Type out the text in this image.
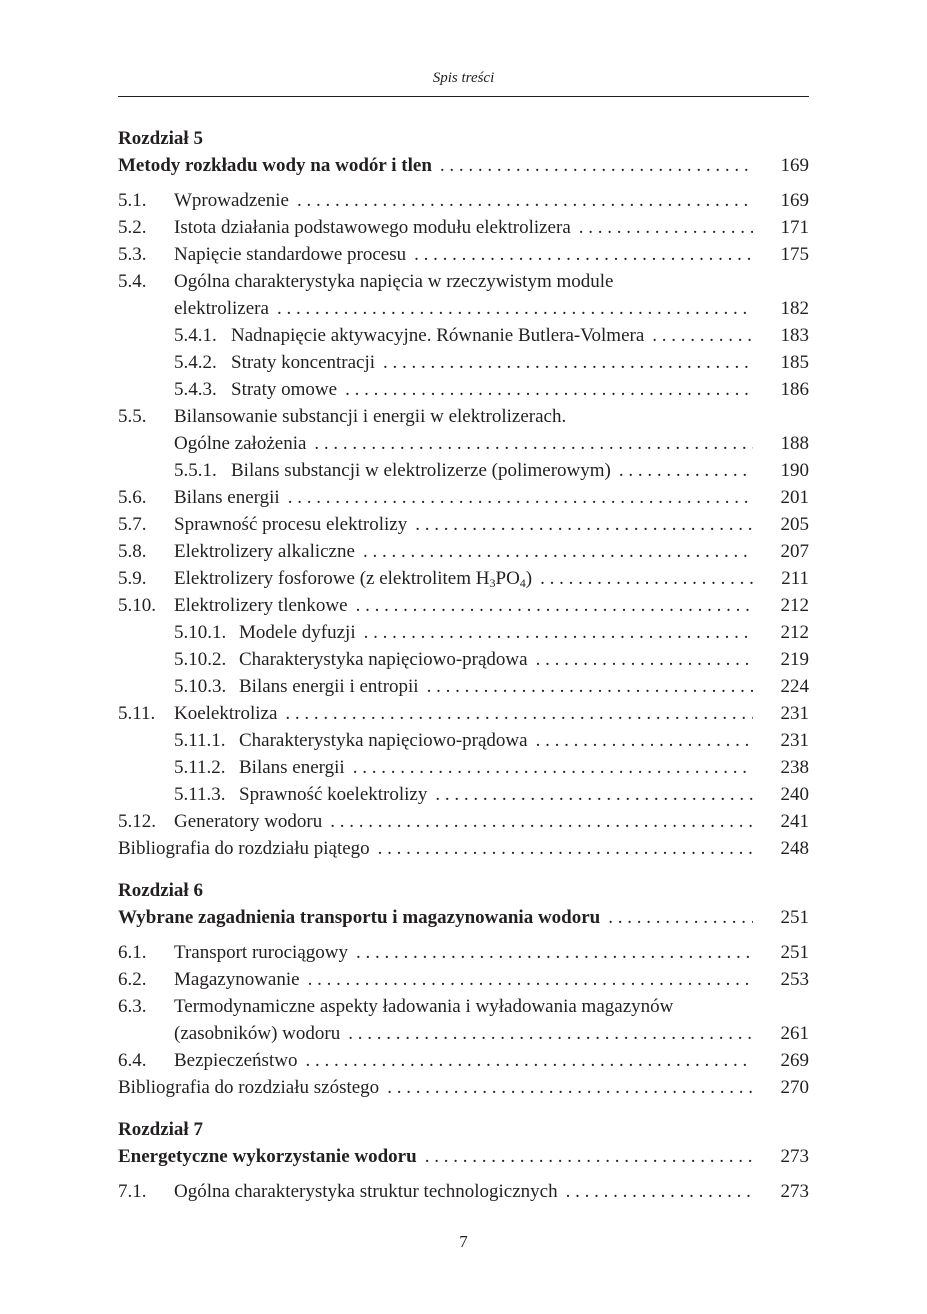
Spis treści
Rozdział 5
Metody rozkładu wody na wodór i tlen . . .	169
5.1.	Wprowadzenie . . .	169
5.2.	Istota działania podstawowego modułu elektrolizera . . .	171
5.3.	Napięcie standardowe procesu . . .	175
5.4.	Ogólna charakterystyka napięcia w rzeczywistym module
elektrolizera . . .	182
5.4.1. Nadnapięcie aktywacyjne. Równanie Butlera-Volmera . . .	183
5.4.2. Straty koncentracji . . .	185
5.4.3. Straty omowe . . .	186
5.5.	Bilansowanie substancji i energii w elektrolizerach.
Ogólne założenia . . .	188
5.5.1. Bilans substancji w elektrolizerze (polimerowym) . . .	190
5.6.	Bilans energii . . .	201
5.7.	Sprawność procesu elektrolizy . . .	205
5.8.	Elektrolizery alkaliczne . . .	207
5.9.	Elektrolizery fosforowe (z elektrolitem $H_3PO_4$) . . .	211
5.10. Elektrolizery tlenkowe . . .	212
5.10.1. Modele dyfuzji . . .	212
5.10.2. Charakterystyka napięciowo-prądowa . . .	219
5.10.3. Bilans energii i entropii . . .	224
5.11. Koelektroliza . . .	231
5.11.1. Charakterystyka napięciowo-prądowa . . .	231
5.11.2. Bilans energii . . .	238
5.11.3. Sprawność koelektrolizy . . .	240
5.12. Generatory wodoru . . .	241
Bibliografia do rozdziału piątego . . .	248
Rozdział 6
Wybrane zagadnienia transportu i magazynowania wodoru . . .	251
6.1.	Transport rurociągowy . . .	251
6.2.	Magazynowanie . . .	253
6.3.	Termodynamiczne aspekty ładowania i wyładowania magazynów
(zasobników) wodoru . . .	261
6.4.	Bezpieczeństwo . . .	269
Bibliografia do rozdziału szóstego . . .	270
Rozdział 7
Energetyczne wykorzystanie wodoru . . .	273
7.1.	Ogólna charakterystyka struktur technologicznych . . .	273
7
